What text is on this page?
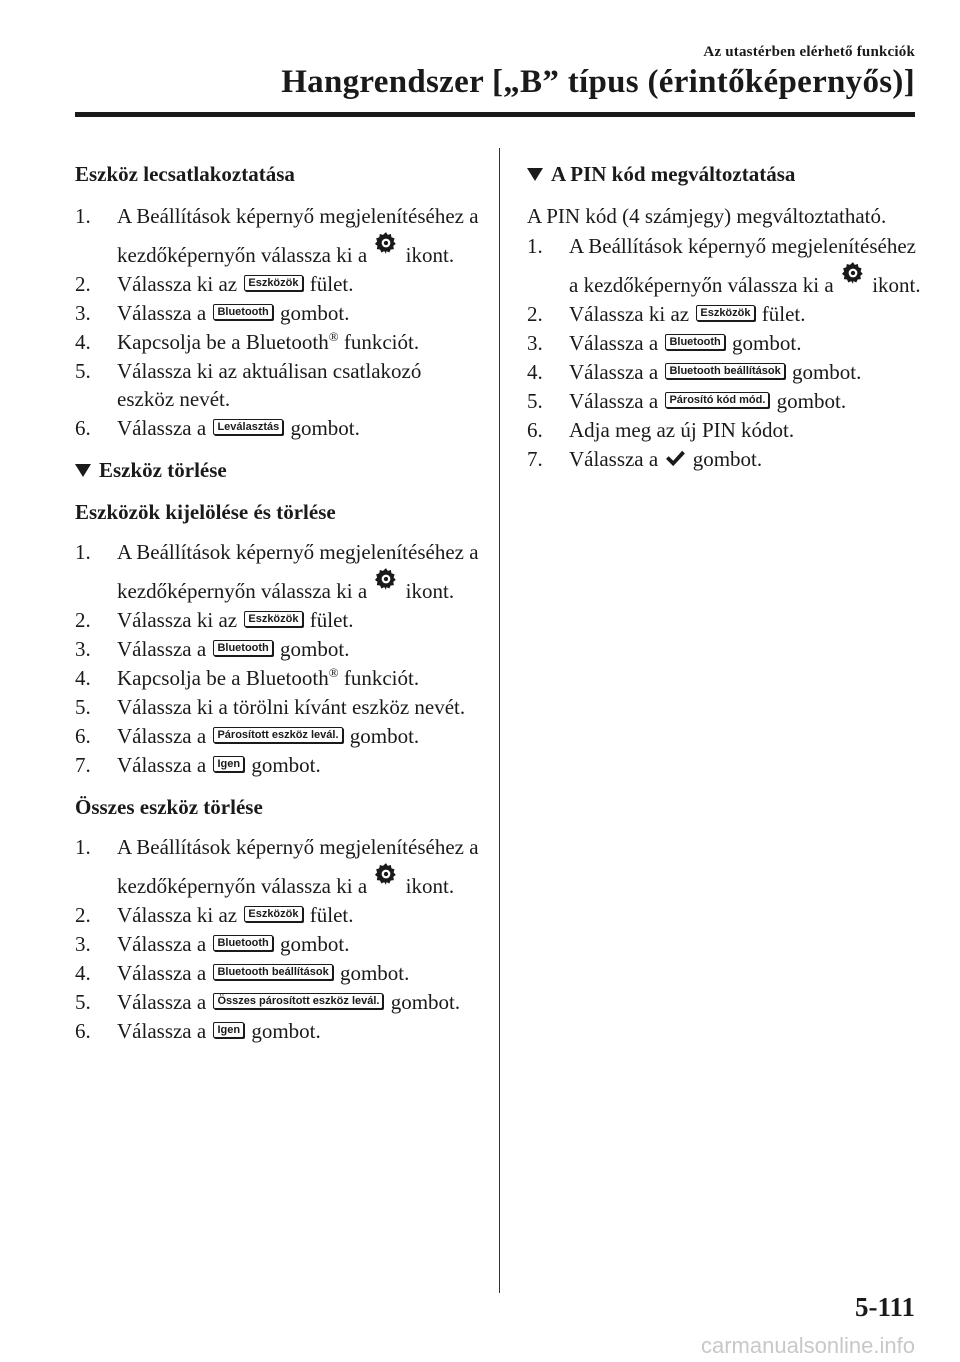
Az utastérben elérhető funkciók
Hangrendszer [„B” típus (érintőképernyős)]
Eszköz lecsatlakoztatása
1. A Beállítások képernyő megjelenítéséhez a kezdőképernyőn válassza ki a ikont.
2. Válassza ki az Eszközök fület.
3. Válassza a Bluetooth gombot.
4. Kapcsolja be a Bluetooth® funkciót.
5. Válassza ki az aktuálisan csatlakozó eszköz nevét.
6. Válassza a Leválasztás gombot.
Eszköz törlése
Eszközök kijelölése és törlése
1. A Beállítások képernyő megjelenítéséhez a kezdőképernyőn válassza ki a ikont.
2. Válassza ki az Eszközök fület.
3. Válassza a Bluetooth gombot.
4. Kapcsolja be a Bluetooth® funkciót.
5. Válassza ki a törölni kívánt eszköz nevét.
6. Válassza a Párosított eszköz levál. gombot.
7. Válassza a Igen gombot.
Összes eszköz törlése
1. A Beállítások képernyő megjelenítéséhez a kezdőképernyőn válassza ki a ikont.
2. Válassza ki az Eszközök fület.
3. Válassza a Bluetooth gombot.
4. Válassza a Bluetooth beállítások gombot.
5. Válassza a Összes párosított eszköz levál. gombot.
6. Válassza a Igen gombot.
A PIN kód megváltoztatása
A PIN kód (4 számjegy) megváltoztatható.
1. A Beállítások képernyő megjelenítéséhez a kezdőképernyőn válassza ki a ikont.
2. Válassza ki az Eszközök fület.
3. Válassza a Bluetooth gombot.
4. Válassza a Bluetooth beállítások gombot.
5. Válassza a Párosító kód mód. gombot.
6. Adja meg az új PIN kódot.
7. Válassza a gombot.
5-111
carmanualsonline.info
